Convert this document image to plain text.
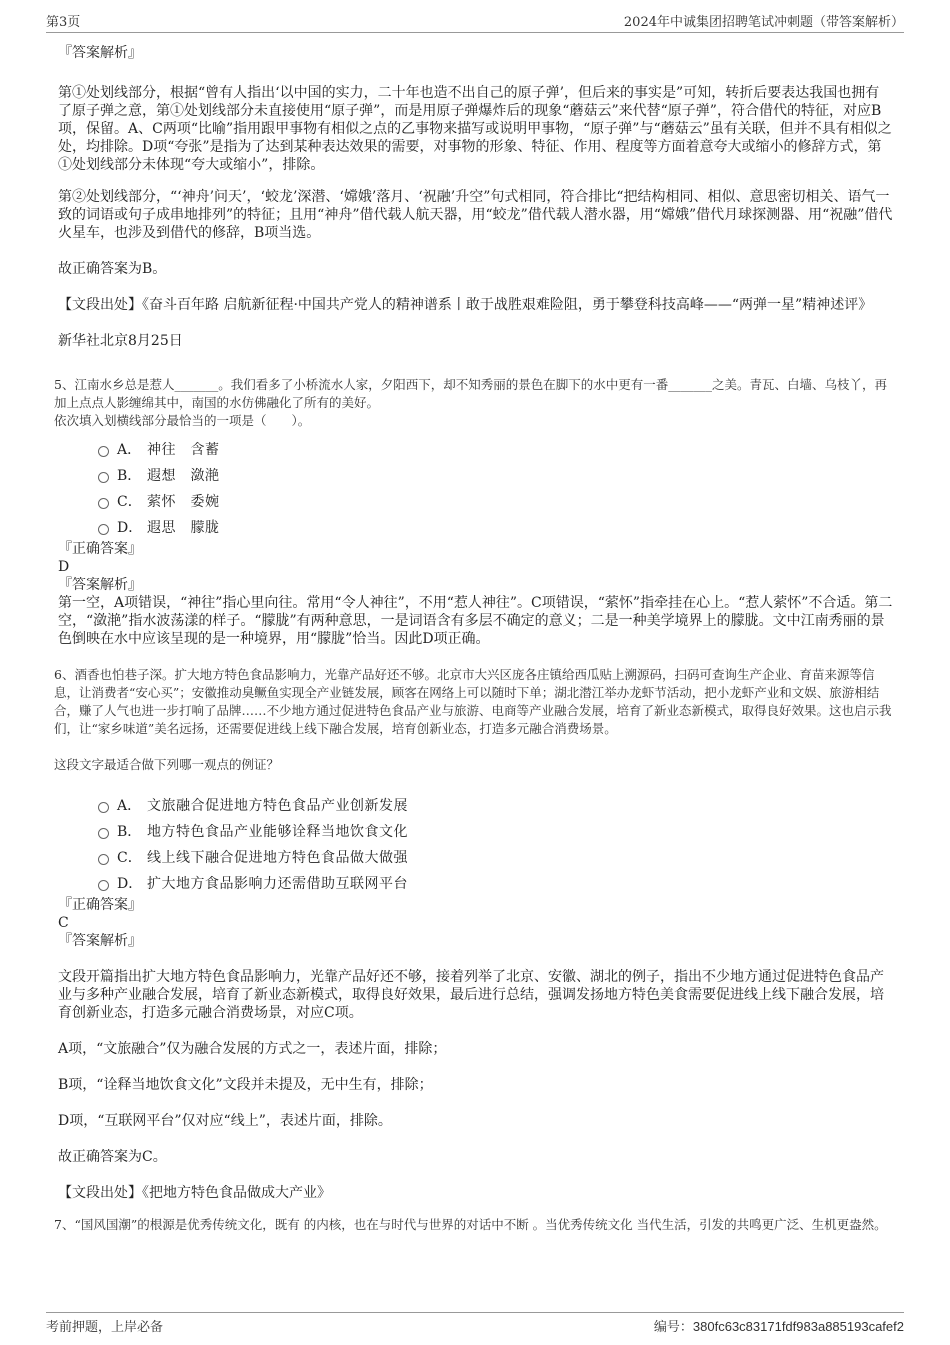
第3页	2024年中诚集团招聘笔试冲刺题（带答案解析）

『答案解析』

第①处划线部分，根据“曾有人指出‘以中国的实力，二十年也造不出自己的原子弹’，但后来的事实是”可知，转折后要表达我国也拥有了原子弹之意，第①处划线部分未直接使用“原子弹”，而是用原子弹爆炸后的现象“蘑菇云”来代替“原子弹”，符合借代的特征，对应B项，保留。A、C两项“比喻”指用跟甲事物有相似之点的乙事物来描写或说明甲事物，“原子弹”与“蘑菇云”虽有关联，但并不具有相似之处，均排除。D项“夸张”是指为了达到某种表达效果的需要，对事物的形象、特征、作用、程度等方面着意夸大或缩小的修辞方式，第①处划线部分未体现“夸大或缩小”，排除。

第②处划线部分，“‘神舟’问天’，‘蛟龙’深潜、‘嫦娥’落月、‘祝融’升空”句式相同，符合排比“把结构相同、相似、意思密切相关、语气一致的词语或句子成串地排列”的特征；且用“神舟”借代载人航天器，用“蛟龙”借代载人潜水器，用“嫦娥”借代月球探测器、用“祝融”借代火星车，也涉及到借代的修辞，B项当选。

故正确答案为B。

【文段出处】《奋斗百年路 启航新征程·中国共产党人的精神谱系丨敢于战胜艰难险阻，勇于攀登科技高峰——“两弹一星”精神述评》

新华社北京8月25日

5、江南水乡总是惹人_______。我们看多了小桥流水人家，夕阳西下，却不知秀丽的景色在脚下的水中更有一番_______之美。青瓦、白墙、乌枝丫，再加上点点人影缠绵其中，南国的水仿佛融化了所有的美好。

依次填入划横线部分最恰当的一项是（　　）。

A． 神往　含蓄
B． 遐想　潋滟
C． 萦怀　委婉
D． 遐思　朦胧

『正确答案』

D

『答案解析』

第一空，A项错误，“神往”指心里向往。常用“令人神往”，不用“惹人神往”。C项错误，“萦怀”指牵挂在心上。“惹人萦怀”不合适。第二空，“潋滟”指水波荡漾的样子。“朦胧”有两种意思，一是词语含有多层不确定的意义；二是一种美学境界上的朦胧。文中江南秀丽的景色倒映在水中应该呈现的是一种境界，用“朦胧”恰当。因此D项正确。

6、酒香也怕巷子深。扩大地方特色食品影响力，光靠产品好还不够。北京市大兴区庞各庄镇给西瓜贴上溯源码，扫码可查询生产企业、育苗来源等信息，让消费者“安心买”；安徽推动臭鳜鱼实现全产业链发展，顾客在网络上可以随时下单；湖北潜江举办龙虾节活动，把小龙虾产业和文娱、旅游相结合，赚了人气也进一步打响了品牌……不少地方通过促进特色食品产业与旅游、电商等产业融合发展，培育了新业态新模式，取得良好效果。这也启示我们，让“家乡味道”美名远扬，还需要促进线上线下融合发展，培育创新业态，打造多元融合消费场景。

这段文字最适合做下列哪一观点的例证？

A． 文旅融合促进地方特色食品产业创新发展
B． 地方特色食品产业能够诠释当地饮食文化
C． 线上线下融合促进地方特色食品做大做强
D． 扩大地方食品影响力还需借助互联网平台

『正确答案』

C

『答案解析』

文段开篇指出扩大地方特色食品影响力，光靠产品好还不够，接着列举了北京、安徽、湖北的例子，指出不少地方通过促进特色食品产业与多种产业融合发展，培育了新业态新模式，取得良好效果，最后进行总结，强调发扬地方特色美食需要促进线上线下融合发展，培育创新业态，打造多元融合消费场景，对应C项。

A项，“文旅融合”仅为融合发展的方式之一，表述片面，排除；

B项，“诠释当地饮食文化”文段并未提及，无中生有，排除；

D项，“互联网平台”仅对应“线上”，表述片面，排除。

故正确答案为C。

【文段出处】《把地方特色食品做成大产业》

7、“国风国潮”的根源是优秀传统文化，既有 的内核，也在与时代与世界的对话中不断 。当优秀传统文化 当代生活，引发的共鸣更广泛、生机更盎然。

考前押题，上岸必备	编号：380fc63c83171fdf983a885193cafef2
